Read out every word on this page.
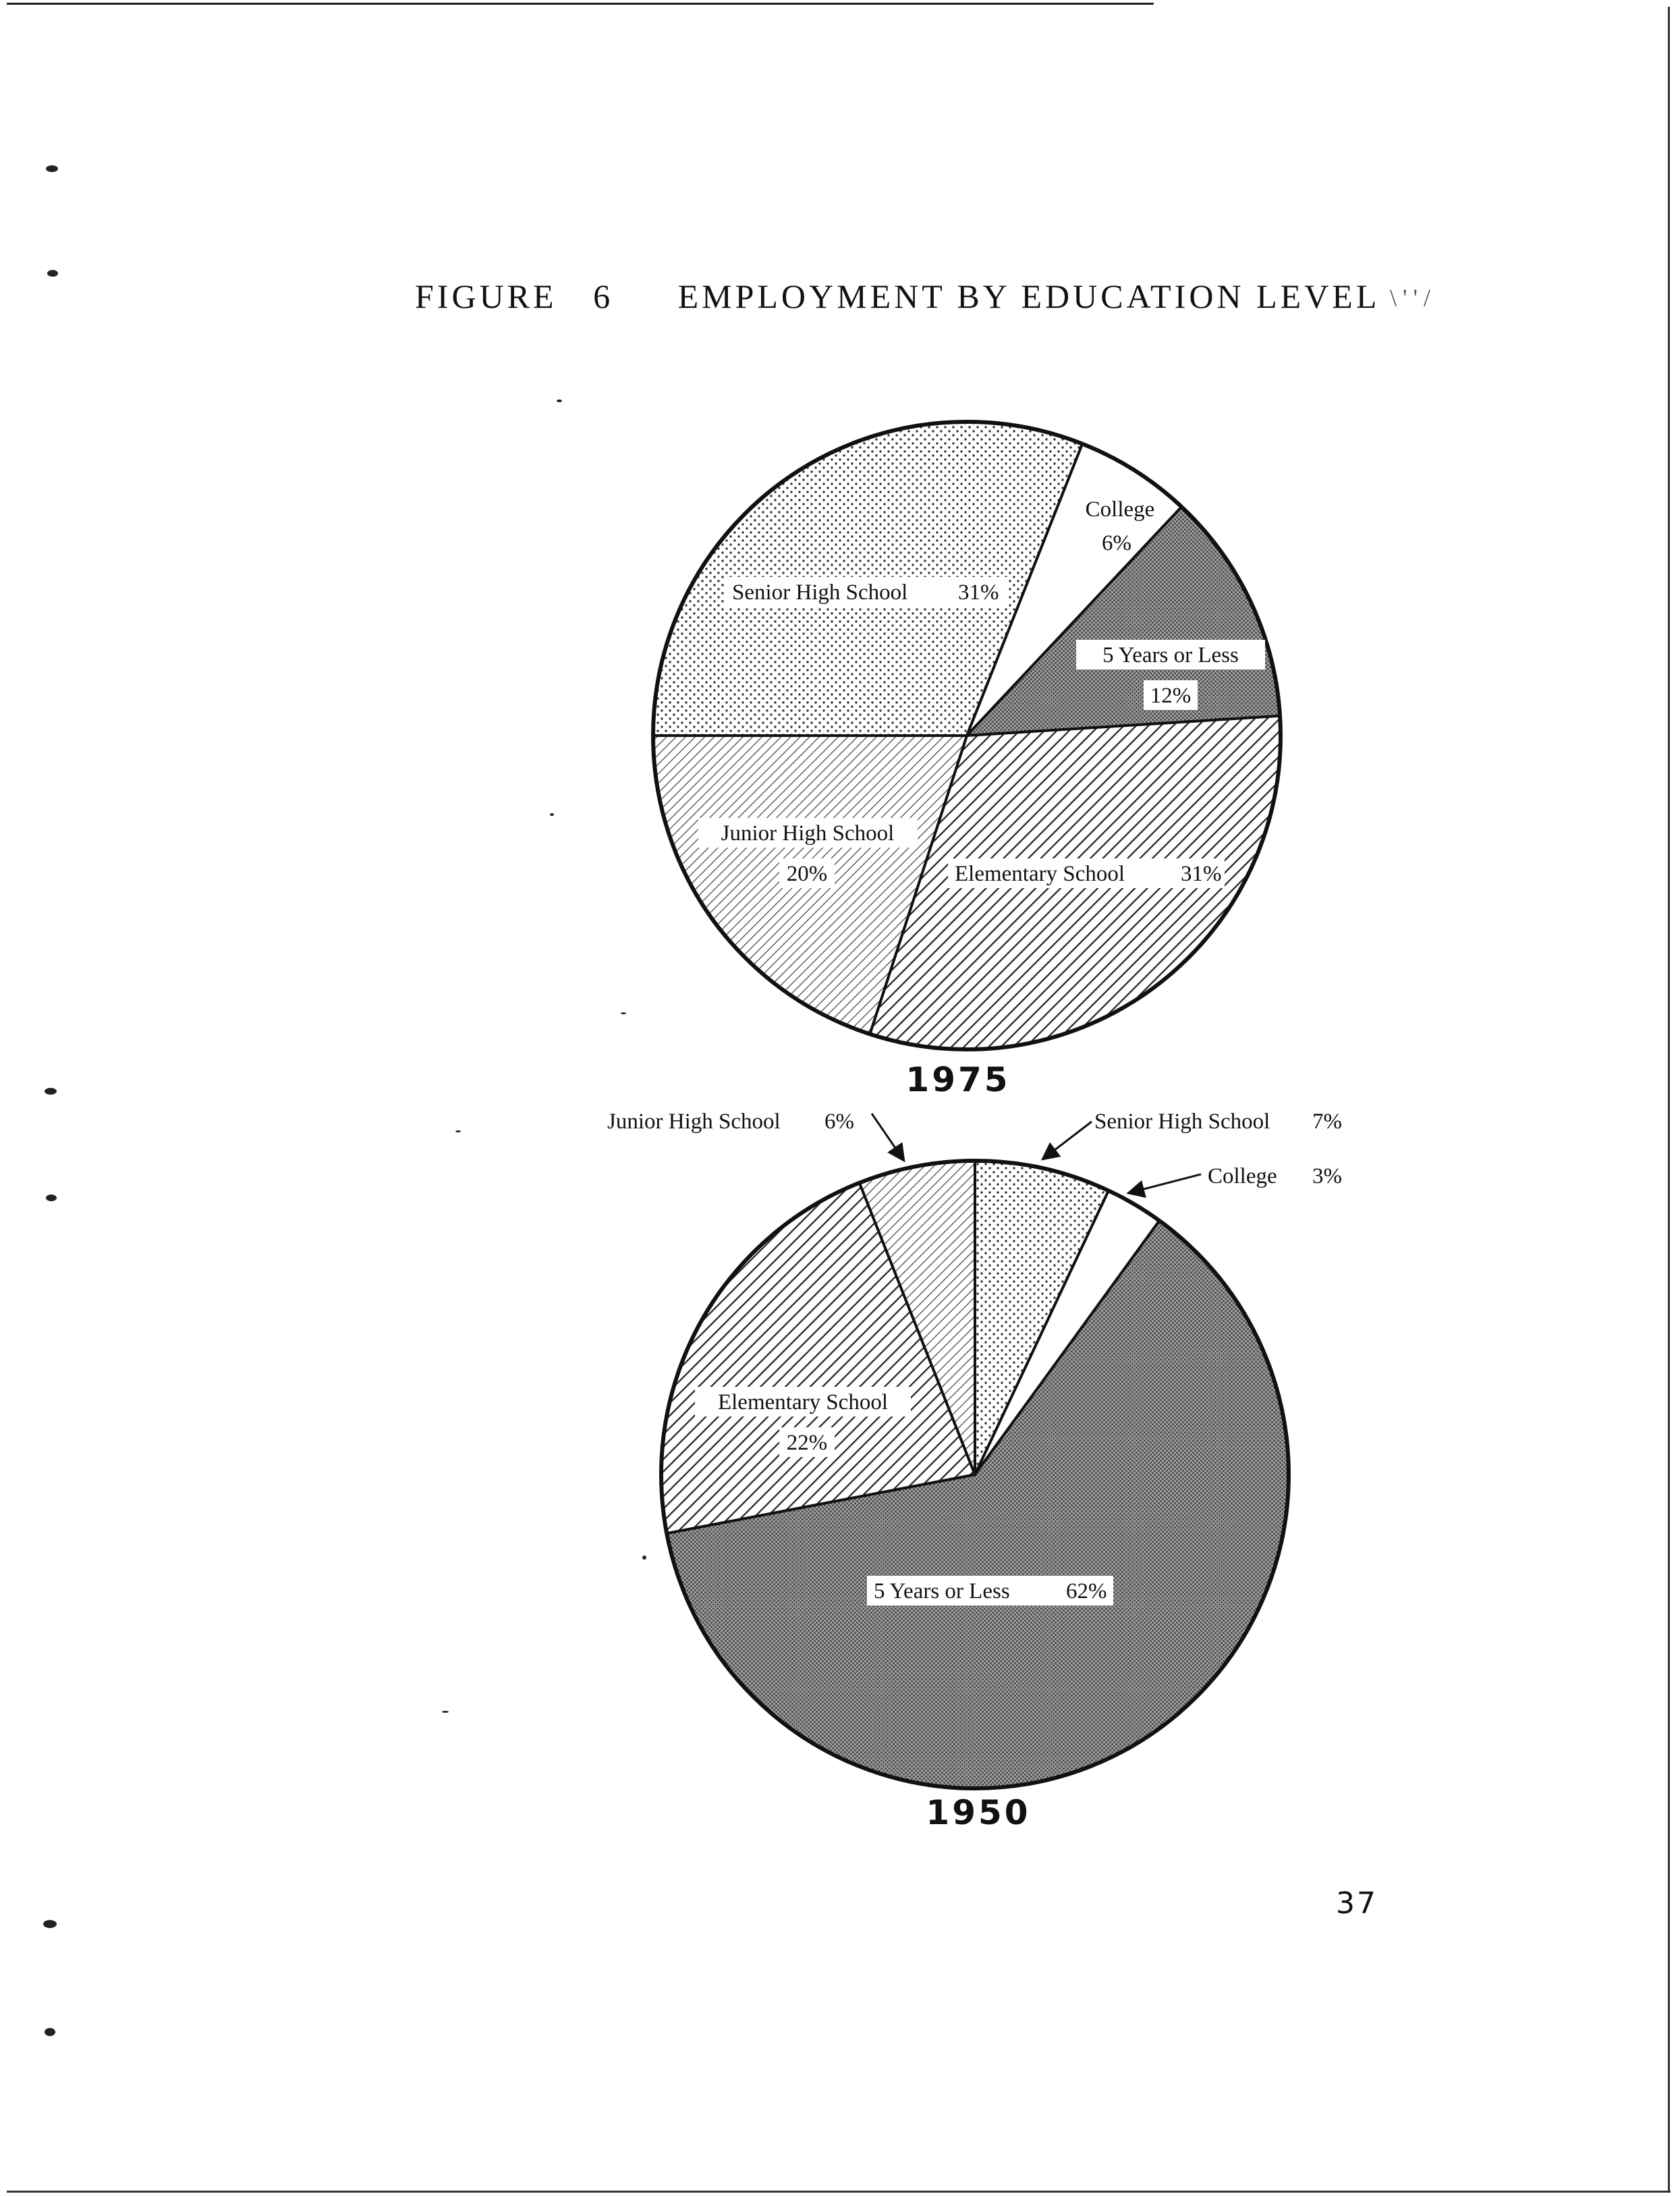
FIGURE 6 EMPLOYMENT BY EDUCATION LEVEL \ ' ' /
Senior High School 31%
College
6%
5 Years or Less
12%
Elementary School	31%
Junior High School
20%
1975
Junior High School 6%	Senior High School 7%
College 3%
Elementary School
22%
5 Years or Less	62%
1950
37
